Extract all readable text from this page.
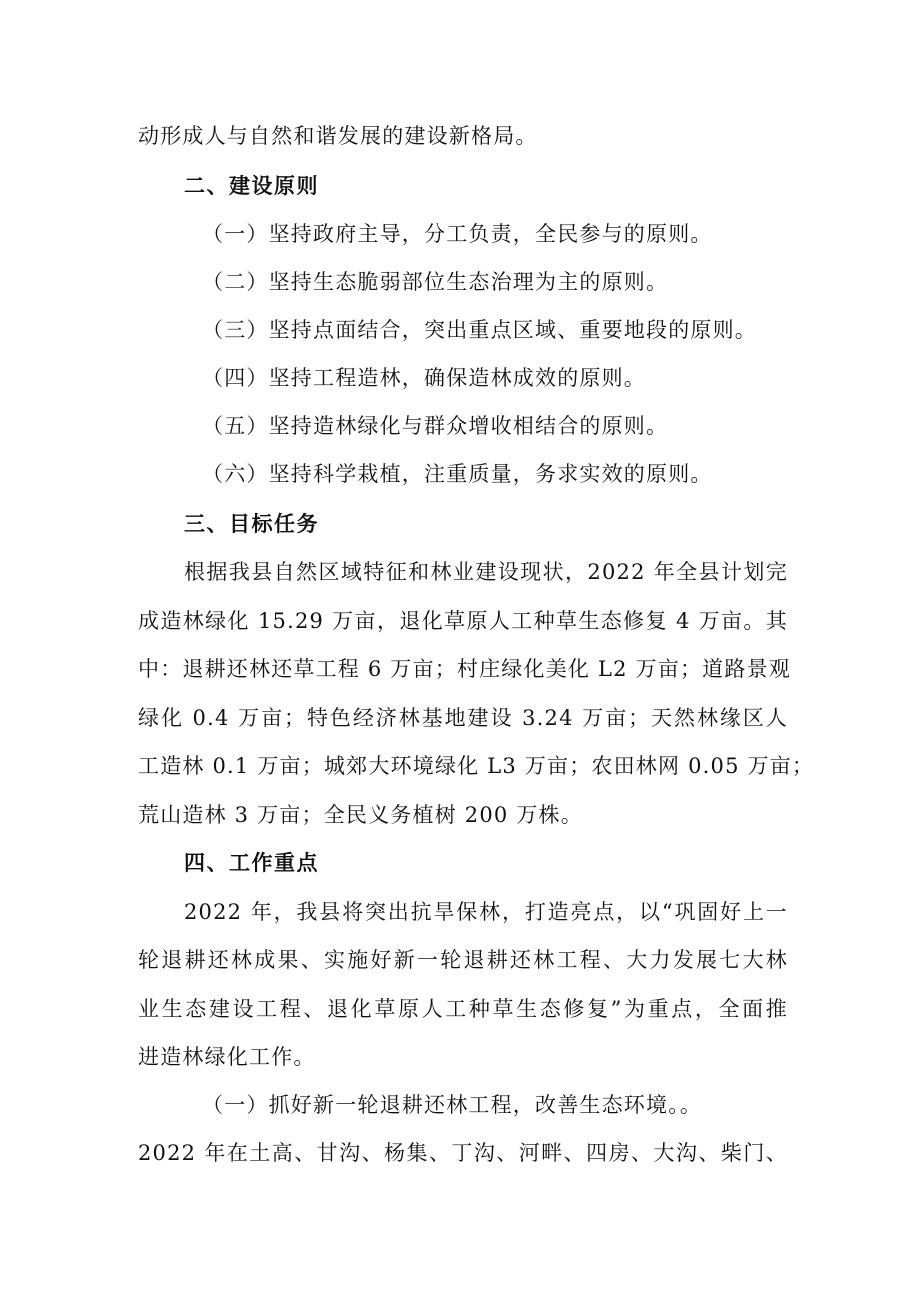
动形成人与自然和谐发展的建设新格局。
二、建设原则
（一）坚持政府主导，分工负责，全民参与的原则。
（二）坚持生态脆弱部位生态治理为主的原则。
（三）坚持点面结合，突出重点区域、重要地段的原则。
（四）坚持工程造林，确保造林成效的原则。
（五）坚持造林绿化与群众增收相结合的原则。
（六）坚持科学栽植，注重质量，务求实效的原则。
三、目标任务
根据我县自然区域特征和林业建设现状，2022 年全县计划完
成造林绿化 15.29 万亩，退化草原人工种草生态修复 4 万亩。其
中：退耕还林还草工程 6 万亩；村庄绿化美化 L2 万亩；道路景观
绿化 0.4 万亩；特色经济林基地建设 3.24 万亩；天然林缘区人
工造林 0.1 万亩；城郊大环境绿化 L3 万亩；农田林网 0.05 万亩；
荒山造林 3 万亩；全民义务植树 200 万株。
四、工作重点
2022 年，我县将突出抗旱保林，打造亮点，以“巩固好上一
轮退耕还林成果、实施好新一轮退耕还林工程、大力发展七大林
业生态建设工程、退化草原人工种草生态修复”为重点，全面推
进造林绿化工作。
（一）抓好新一轮退耕还林工程，改善生态环境。。
2022 年在土高、甘沟、杨集、丁沟、河畔、四房、大沟、柴门、
